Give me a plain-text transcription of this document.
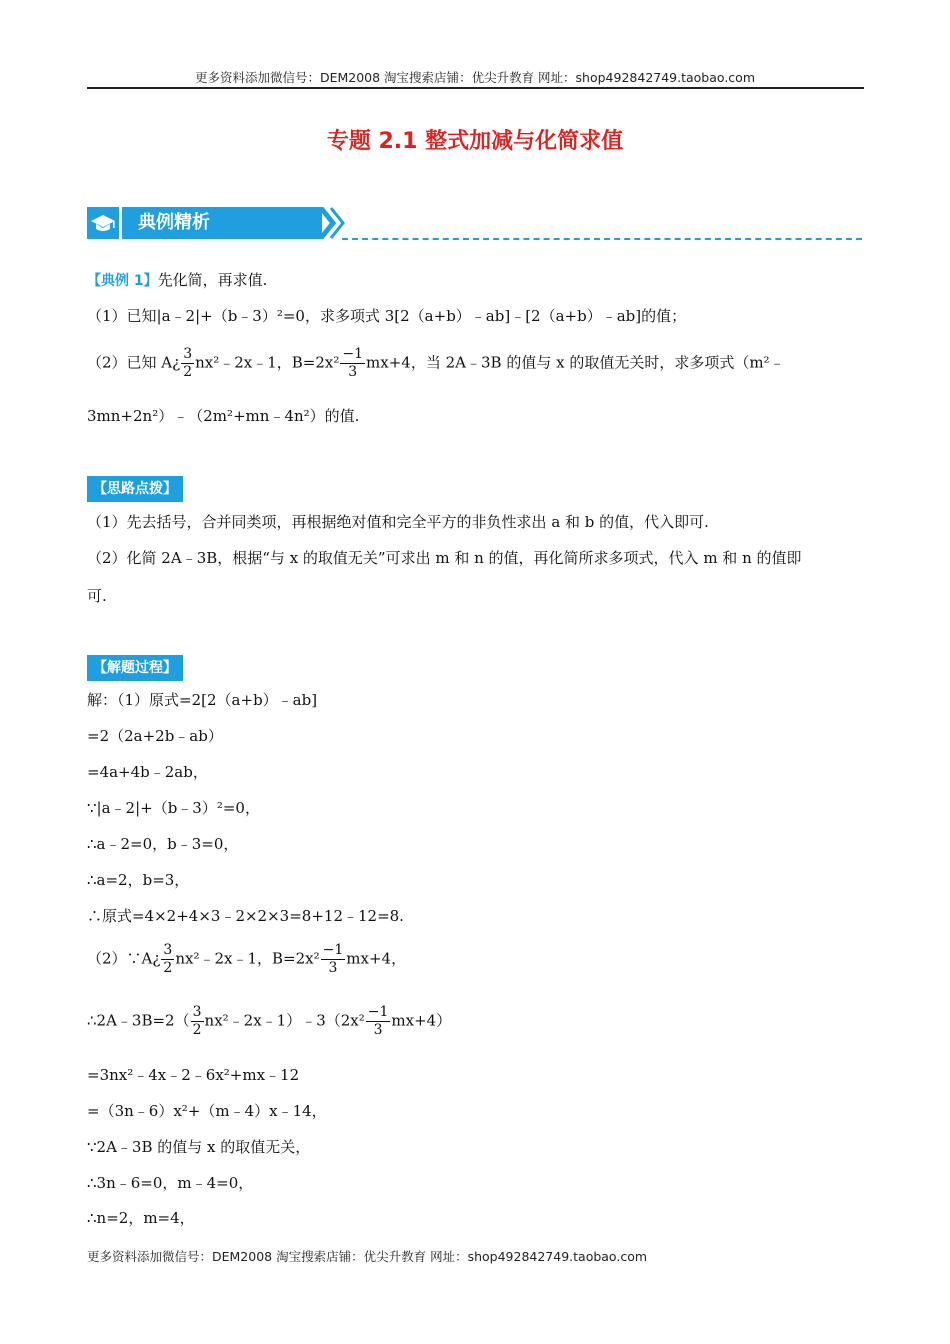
更多资料添加微信号：DEM2008 淘宝搜索店铺：优尖升教育 网址：shop492842749.taobao.com
专题 2.1 整式加减与化简求值
典例精析
【典例 1】先化简，再求值.
（1）已知|a﹣2|+（b﹣3）²=0，求多项式 3[2（a+b）﹣ab]﹣[2（a+b）﹣ab]的值；
（2）已知 A¿ $\frac{3}{2}$ nx²﹣2x﹣1，$B=2x^2 \frac{-1}{3} mx+4$，当 2A﹣3B 的值与 x 的取值无关时，求多项式（m²﹣
3mn+2n²）﹣（2m²+mn﹣4n²）的值.
【思路点拨】
（1）先去括号，合并同类项，再根据绝对值和完全平方的非负性求出 a 和 b 的值，代入即可.
（2）化简 2A﹣3B，根据“与 x 的取值无关”可求出 m 和 n 的值，再化简所求多项式，代入 m 和 n 的值即
可.
【解题过程】
解：（1）原式=2[2（a+b）﹣ab]
=2（2a+2b﹣ab）
=4a+4b﹣2ab，
∵|a﹣2|+（b﹣3）²=0，
∴a﹣2=0，b﹣3=0，
∴a=2，b=3，
∴原式=4×2+4×3﹣2×2×3=8+12﹣12=8.
（2）∵A¿ $\frac{3}{2}$ nx²﹣2x﹣1，$B=2x^2 \frac{-1}{3} mx+4$，
∴2A﹣3B=2（ $\frac{3}{2}$ nx²﹣2x﹣1）﹣3（2x² $\frac{-1}{3} mx+4$）
=3nx²﹣4x﹣2﹣6x²+mx﹣12
=（3n﹣6）x²+（m﹣4）x﹣14，
∵2A﹣3B 的值与 x 的取值无关，
∴3n﹣6=0，m﹣4=0，
∴n=2，m=4，
更多资料添加微信号：DEM2008 淘宝搜索店铺：优尖升教育 网址：shop492842749.taobao.com
